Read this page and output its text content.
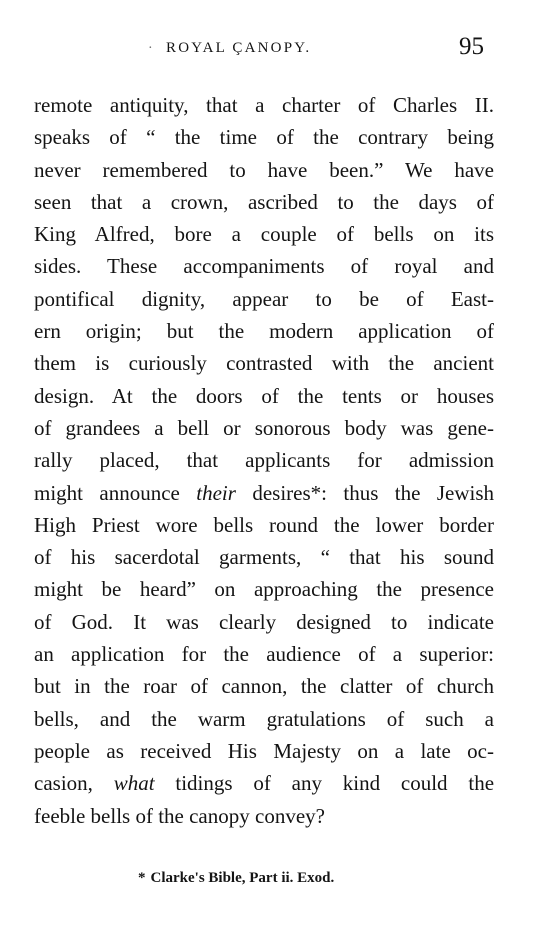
· ROYAL ÇANOPY.	95
remote antiquity, that a charter of Charles II.
speaks of “ the time of the contrary being
never remembered to have been.” We have
seen that a crown, ascribed to the days of
King Alfred, bore a couple of bells on its
sides. These accompaniments of royal and
pontifical dignity, appear to be of East-
ern origin; but the modern application of
them is curiously contrasted with the ancient
design. At the doors of the tents or houses
of grandees a bell or sonorous body was gene-
rally placed, that applicants for admission
might announce their desires*: thus the Jewish
High Priest wore bells round the lower border
of his sacerdotal garments, “ that his sound
might be heard” on approaching the presence
of God. It was clearly designed to indicate
an application for the audience of a superior:
but in the roar of cannon, the clatter of church
bells, and the warm gratulations of such a
people as received His Majesty on a late oc-
casion, what tidings of any kind could the
feeble bells of the canopy convey?
* Clarke's Bible, Part ii. Exod.
